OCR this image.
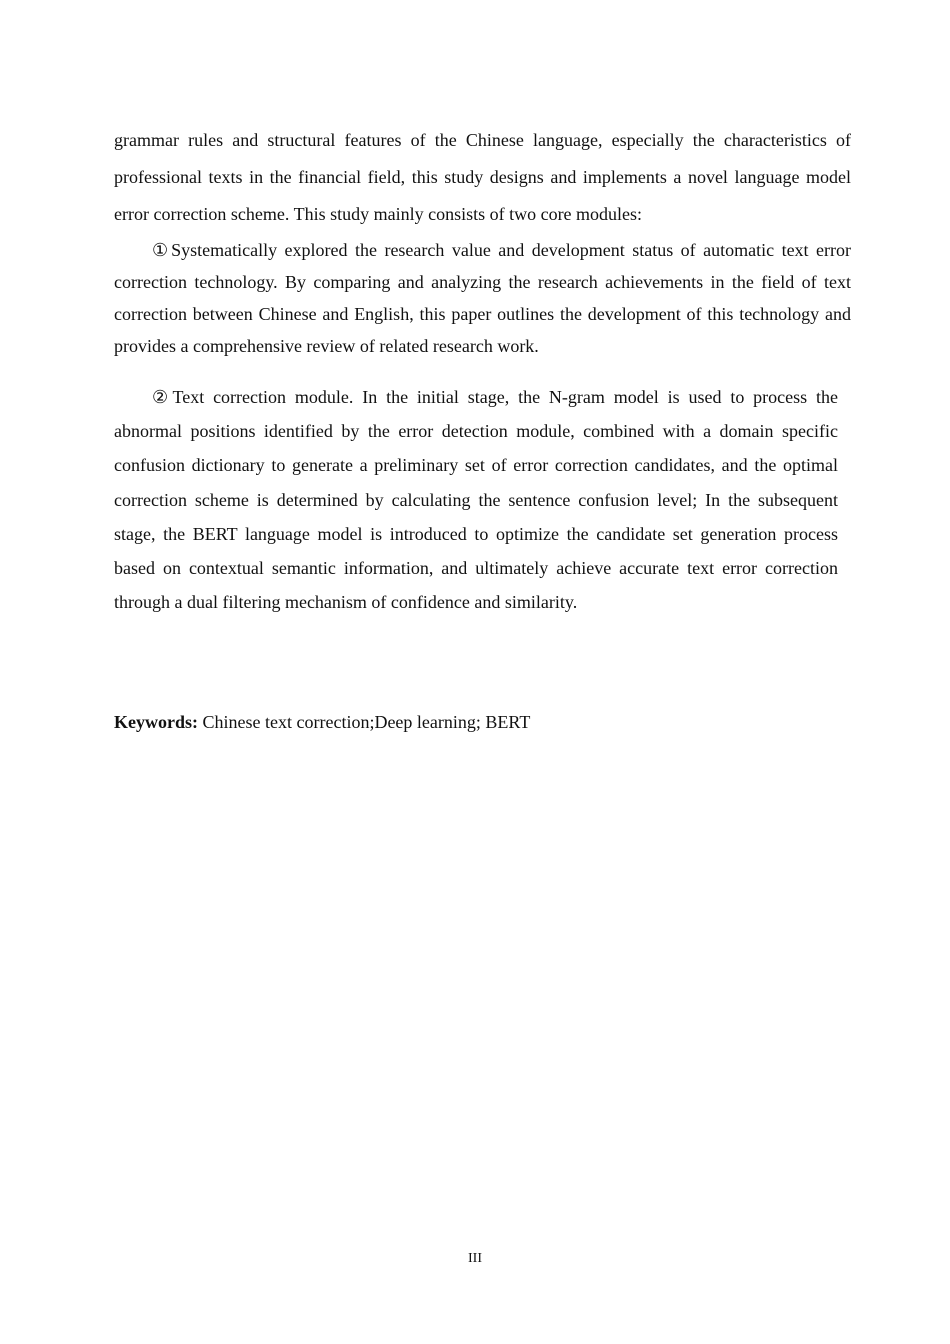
grammar rules and structural features of the Chinese language, especially the characteristics of professional texts in the financial field, this study designs and implements a novel language model error correction scheme. This study mainly consists of two core modules:

①Systematically explored the research value and development status of automatic text error correction technology. By comparing and analyzing the research achievements in the field of text correction between Chinese and English, this paper outlines the development of this technology and provides a comprehensive review of related research work.

②Text correction module. In the initial stage, the N-gram model is used to process the abnormal positions identified by the error detection module, combined with a domain specific confusion dictionary to generate a preliminary set of error correction candidates, and the optimal correction scheme is determined by calculating the sentence confusion level; In the subsequent stage, the BERT language model is introduced to optimize the candidate set generation process based on contextual semantic information, and ultimately achieve accurate text error correction through a dual filtering mechanism of confidence and similarity.

Keywords: Chinese text correction;Deep learning; BERT

III
